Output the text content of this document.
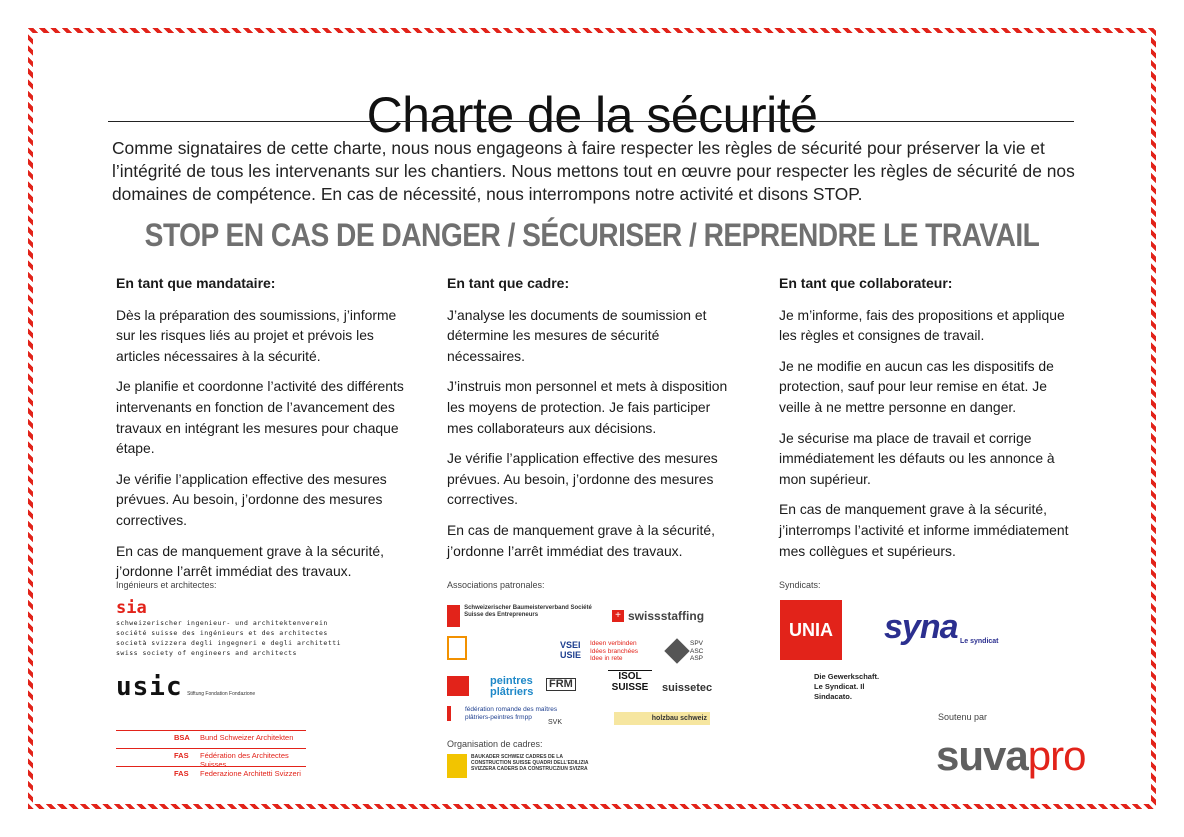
Charte de la sécurité
Comme signataires de cette charte, nous nous engageons à faire respecter les règles de sécurité pour préserver la vie et l’intégrité de tous les intervenants sur les chantiers. Nous mettons tout en œuvre pour respecter les règles de sécurité de nos domaines de compétence. En cas de nécessité, nous interrompons notre activité et disons STOP.
STOP EN CAS DE DANGER / SÉCURISER / REPRENDRE LE TRAVAIL
En tant que mandataire:

Dès la préparation des soumissions, j’informe sur les risques liés au projet et prévois les articles nécessaires à la sécurité.

Je planifie et coordonne l’activité des différents intervenants en fonction de l’avancement des travaux en intégrant les mesures pour chaque étape.

Je vérifie l’application effective des mesures prévues. Au besoin, j’ordonne des mesures correctives.

En cas de manquement grave à la sécurité, j’ordonne l’arrêt immédiat des travaux.

En tant que cadre:

J’analyse les documents de soumission et détermine les mesures de sécurité nécessaires.

J’instruis mon personnel et mets à disposition les moyens de protection. Je fais participer mes collaborateurs aux décisions.

Je vérifie l’application effective des mesures prévues. Au besoin, j’ordonne des mesures correctives.

En cas de manquement grave à la sécurité, j’ordonne l’arrêt immédiat des travaux.

En tant que collaborateur:

Je m’informe, fais des propositions et applique les règles et consignes de travail.

Je ne modifie en aucun cas les dispositifs de protection, sauf pour leur remise en état. Je veille à ne mettre personne en danger.

Je sécurise ma place de travail et corrige immédiatement les défauts ou les annonce à mon supérieur.

En cas de manquement grave à la sécurité, j’interromps l’activité et informe immédiatement mes collègues et supérieurs.

Ingénieurs et architectes:
sia
schweizerischer ingenieur- und architektenverein
société suisse des ingénieurs et des architectes
società svizzera degli ingegneri e degli architetti
swiss society of engineers and architects
usic Stiftung Fondation Fondazione
BSA Bund Schweizer Architekten
FAS Fédération des Architectes Suisses
FAS Federazione Architetti Svizzeri
Associations patronales:
Schweizerischer Baumeisterverband Société Suisse des Entrepreneurs	+ swissstaffing
VSEI USIE
Ideen verbinden Idées branchées Idee in rete
SPV ASC ASP
peintres plâtriers
FRM
ISOL SUISSE	suissetec
fédération romande des maîtres plâtriers-peintres frmpp
SVK
holzbau schweiz
Organisation de cadres:
BAUKADER SCHWEIZ CADRES DE LA CONSTRUCTION SUISSE QUADRI DELL’EDILIZIA SVIZZERA CADERS DA CONSTRUCZIUN SVIZRA
Syndicats:
UNIA
Die Gewerkschaft. Le Syndicat. Il Sindacato.
syna Le syndicat
Soutenu par
suvapro
